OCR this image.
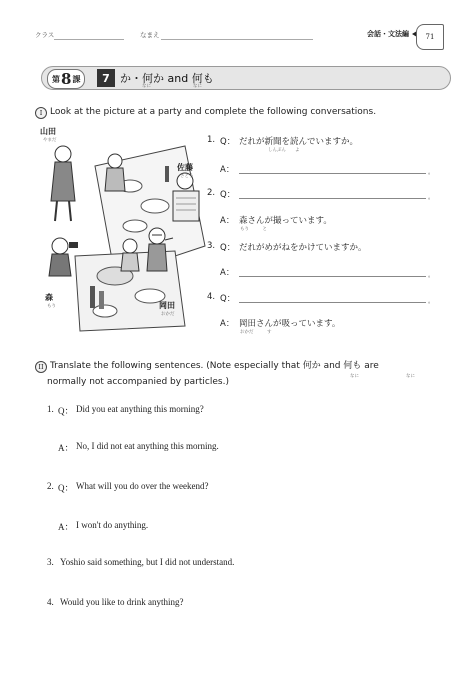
クラス	なまえ	会話・文法編	71
第 8 課	7 か・何か and 何も
なに	なに
I Look at the picture at a party and complete the following conversations.
山田
やまだ
佐藤
さとう
森
もり	岡田
おかだ
1. Q： だれが新聞を読んでいますか。
しんぶん　　よ
A：	。
2. Q：	。
A： 森さんが撮っています。
もり　　　と
3. Q： だれがめがねをかけていますか。
A：	。
4. Q：	。
A： 岡田さんが吸っています。
おかだ　　　す
II Translate the following sentences. (Note especially that 何か and 何も are
なに	なに
normally not accompanied by particles.)
1. Q： Did you eat anything this morning?
A： No, I did not eat anything this morning.
2. Q： What will you do over the weekend?
A： I won't do anything.
3. Yoshio said something, but I did not understand.
4. Would you like to drink anything?
